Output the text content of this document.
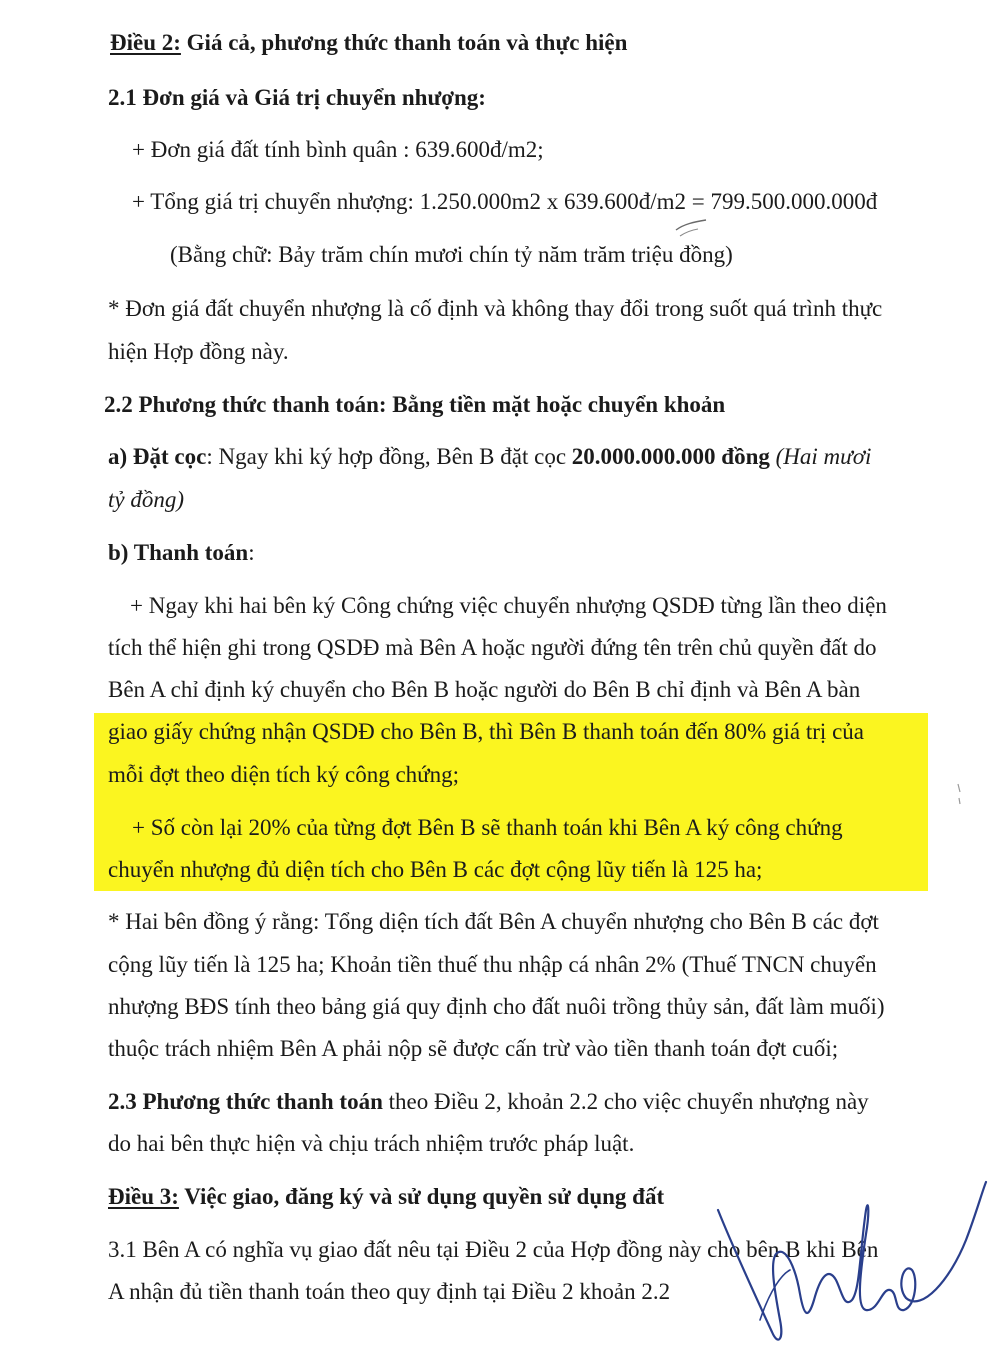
Điều 2: Giá cả, phương thức thanh toán và thực hiện
2.1 Đơn giá và Giá trị chuyển nhượng:
+ Đơn giá đất tính bình quân : 639.600đ/m2;
+ Tổng giá trị chuyển nhượng: 1.250.000m2 x 639.600đ/m2 = 799.500.000.000đ
(Bằng chữ: Bảy trăm chín mươi chín tỷ năm trăm triệu đồng)
* Đơn giá đất chuyển nhượng là cố định và không thay đổi trong suốt quá trình thực
hiện Hợp đồng này.
2.2 Phương thức thanh toán: Bằng tiền mặt hoặc chuyển khoản
a) Đặt cọc: Ngay khi ký hợp đồng, Bên B đặt cọc 20.000.000.000 đồng (Hai mươi
tỷ đồng)
b) Thanh toán:
+ Ngay khi hai bên ký Công chứng việc chuyển nhượng QSDĐ từng lần theo diện
tích thể hiện ghi trong QSDĐ mà Bên A hoặc người đứng tên trên chủ quyền đất do
Bên A chỉ định ký chuyển cho Bên B hoặc người do Bên B chỉ định và Bên A bàn
giao giấy chứng nhận QSDĐ cho Bên B, thì Bên B thanh toán đến 80% giá trị của
mỗi đợt theo diện tích ký công chứng;
+ Số còn lại 20% của từng đợt Bên B sẽ thanh toán khi Bên A ký công chứng
chuyển nhượng đủ diện tích cho Bên B các đợt cộng lũy tiến là 125 ha;
* Hai bên đồng ý rằng: Tổng diện tích đất Bên A chuyển nhượng cho Bên B các đợt
cộng lũy tiến là 125 ha; Khoản tiền thuế thu nhập cá nhân 2% (Thuế TNCN chuyển
nhượng BĐS tính theo bảng giá quy định cho đất nuôi trồng thủy sản, đất làm muối)
thuộc trách nhiệm Bên A phải nộp sẽ được cấn trừ vào tiền thanh toán đợt cuối;
2.3 Phương thức thanh toán theo Điều 2, khoản 2.2 cho việc chuyển nhượng này
do hai bên thực hiện và chịu trách nhiệm trước pháp luật.
Điều 3: Việc giao, đăng ký và sử dụng quyền sử dụng đất
3.1 Bên A có nghĩa vụ giao đất nêu tại Điều 2 của Hợp đồng này cho bên B khi Bên
A nhận đủ tiền thanh toán theo quy định tại Điều 2 khoản 2.2
